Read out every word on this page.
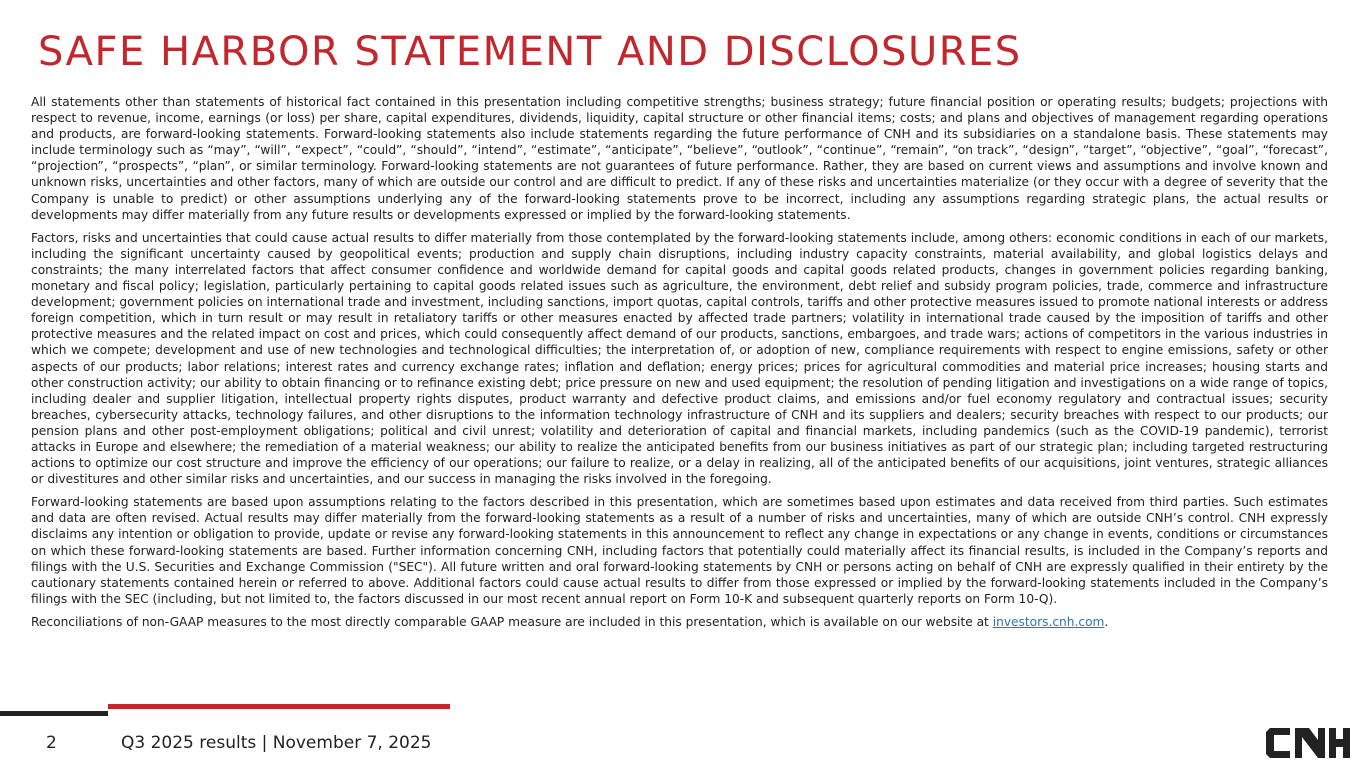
SAFE HARBOR STATEMENT AND DISCLOSURES

All statements other than statements of historical fact contained in this presentation including competitive strengths; business strategy; future financial position or operating results; budgets; projections with respect to revenue, income, earnings (or loss) per share, capital expenditures, dividends, liquidity, capital structure or other financial items; costs; and plans and objectives of management regarding operations and products, are forward-looking statements. Forward-looking statements also include statements regarding the future performance of CNH and its subsidiaries on a standalone basis. These statements may include terminology such as “may”, “will”, “expect”, “could”, “should”, “intend”, “estimate”, “anticipate”, “believe”, “outlook”, “continue”, “remain”, “on track”, “design”, “target”, “objective”, “goal”, “forecast”, “projection”, “prospects”, “plan”, or similar terminology. Forward-looking statements are not guarantees of future performance. Rather, they are based on current views and assumptions and involve known and unknown risks, uncertainties and other factors, many of which are outside our control and are difficult to predict. If any of these risks and uncertainties materialize (or they occur with a degree of severity that the Company is unable to predict) or other assumptions underlying any of the forward-looking statements prove to be incorrect, including any assumptions regarding strategic plans, the actual results or developments may differ materially from any future results or developments expressed or implied by the forward-looking statements.

Factors, risks and uncertainties that could cause actual results to differ materially from those contemplated by the forward-looking statements include, among others: economic conditions in each of our markets, including the significant uncertainty caused by geopolitical events; production and supply chain disruptions, including industry capacity constraints, material availability, and global logistics delays and constraints; the many interrelated factors that affect consumer confidence and worldwide demand for capital goods and capital goods related products, changes in government policies regarding banking, monetary and fiscal policy; legislation, particularly pertaining to capital goods related issues such as agriculture, the environment, debt relief and subsidy program policies, trade, commerce and infrastructure development; government policies on international trade and investment, including sanctions, import quotas, capital controls, tariffs and other protective measures issued to promote national interests or address foreign competition, which in turn result or may result in retaliatory tariffs or other measures enacted by affected trade partners; volatility in international trade caused by the imposition of tariffs and other protective measures and the related impact on cost and prices, which could consequently affect demand of our products, sanctions, embargoes, and trade wars; actions of competitors in the various industries in which we compete; development and use of new technologies and technological difficulties; the interpretation of, or adoption of new, compliance requirements with respect to engine emissions, safety or other aspects of our products; labor relations; interest rates and currency exchange rates; inflation and deflation; energy prices; prices for agricultural commodities and material price increases; housing starts and other construction activity; our ability to obtain financing or to refinance existing debt; price pressure on new and used equipment; the resolution of pending litigation and investigations on a wide range of topics, including dealer and supplier litigation, intellectual property rights disputes, product warranty and defective product claims, and emissions and/or fuel economy regulatory and contractual issues; security breaches, cybersecurity attacks, technology failures, and other disruptions to the information technology infrastructure of CNH and its suppliers and dealers; security breaches with respect to our products; our pension plans and other post-employment obligations; political and civil unrest; volatility and deterioration of capital and financial markets, including pandemics (such as the COVID-19 pandemic), terrorist attacks in Europe and elsewhere; the remediation of a material weakness; our ability to realize the anticipated benefits from our business initiatives as part of our strategic plan; including targeted restructuring actions to optimize our cost structure and improve the efficiency of our operations; our failure to realize, or a delay in realizing, all of the anticipated benefits of our acquisitions, joint ventures, strategic alliances or divestitures and other similar risks and uncertainties, and our success in managing the risks involved in the foregoing.

Forward-looking statements are based upon assumptions relating to the factors described in this presentation, which are sometimes based upon estimates and data received from third parties. Such estimates and data are often revised. Actual results may differ materially from the forward-looking statements as a result of a number of risks and uncertainties, many of which are outside CNH’s control. CNH expressly disclaims any intention or obligation to provide, update or revise any forward-looking statements in this announcement to reflect any change in expectations or any change in events, conditions or circumstances on which these forward-looking statements are based. Further information concerning CNH, including factors that potentially could materially affect its financial results, is included in the Company’s reports and filings with the U.S. Securities and Exchange Commission ("SEC"). All future written and oral forward-looking statements by CNH or persons acting on behalf of CNH are expressly qualified in their entirety by the cautionary statements contained herein or referred to above. Additional factors could cause actual results to differ from those expressed or implied by the forward-looking statements included in the Company’s filings with the SEC (including, but not limited to, the factors discussed in our most recent annual report on Form 10-K and subsequent quarterly reports on Form 10-Q).

Reconciliations of non-GAAP measures to the most directly comparable GAAP measure are included in this presentation, which is available on our website at investors.cnh.com.

2	Q3 2025 results | November 7, 2025
